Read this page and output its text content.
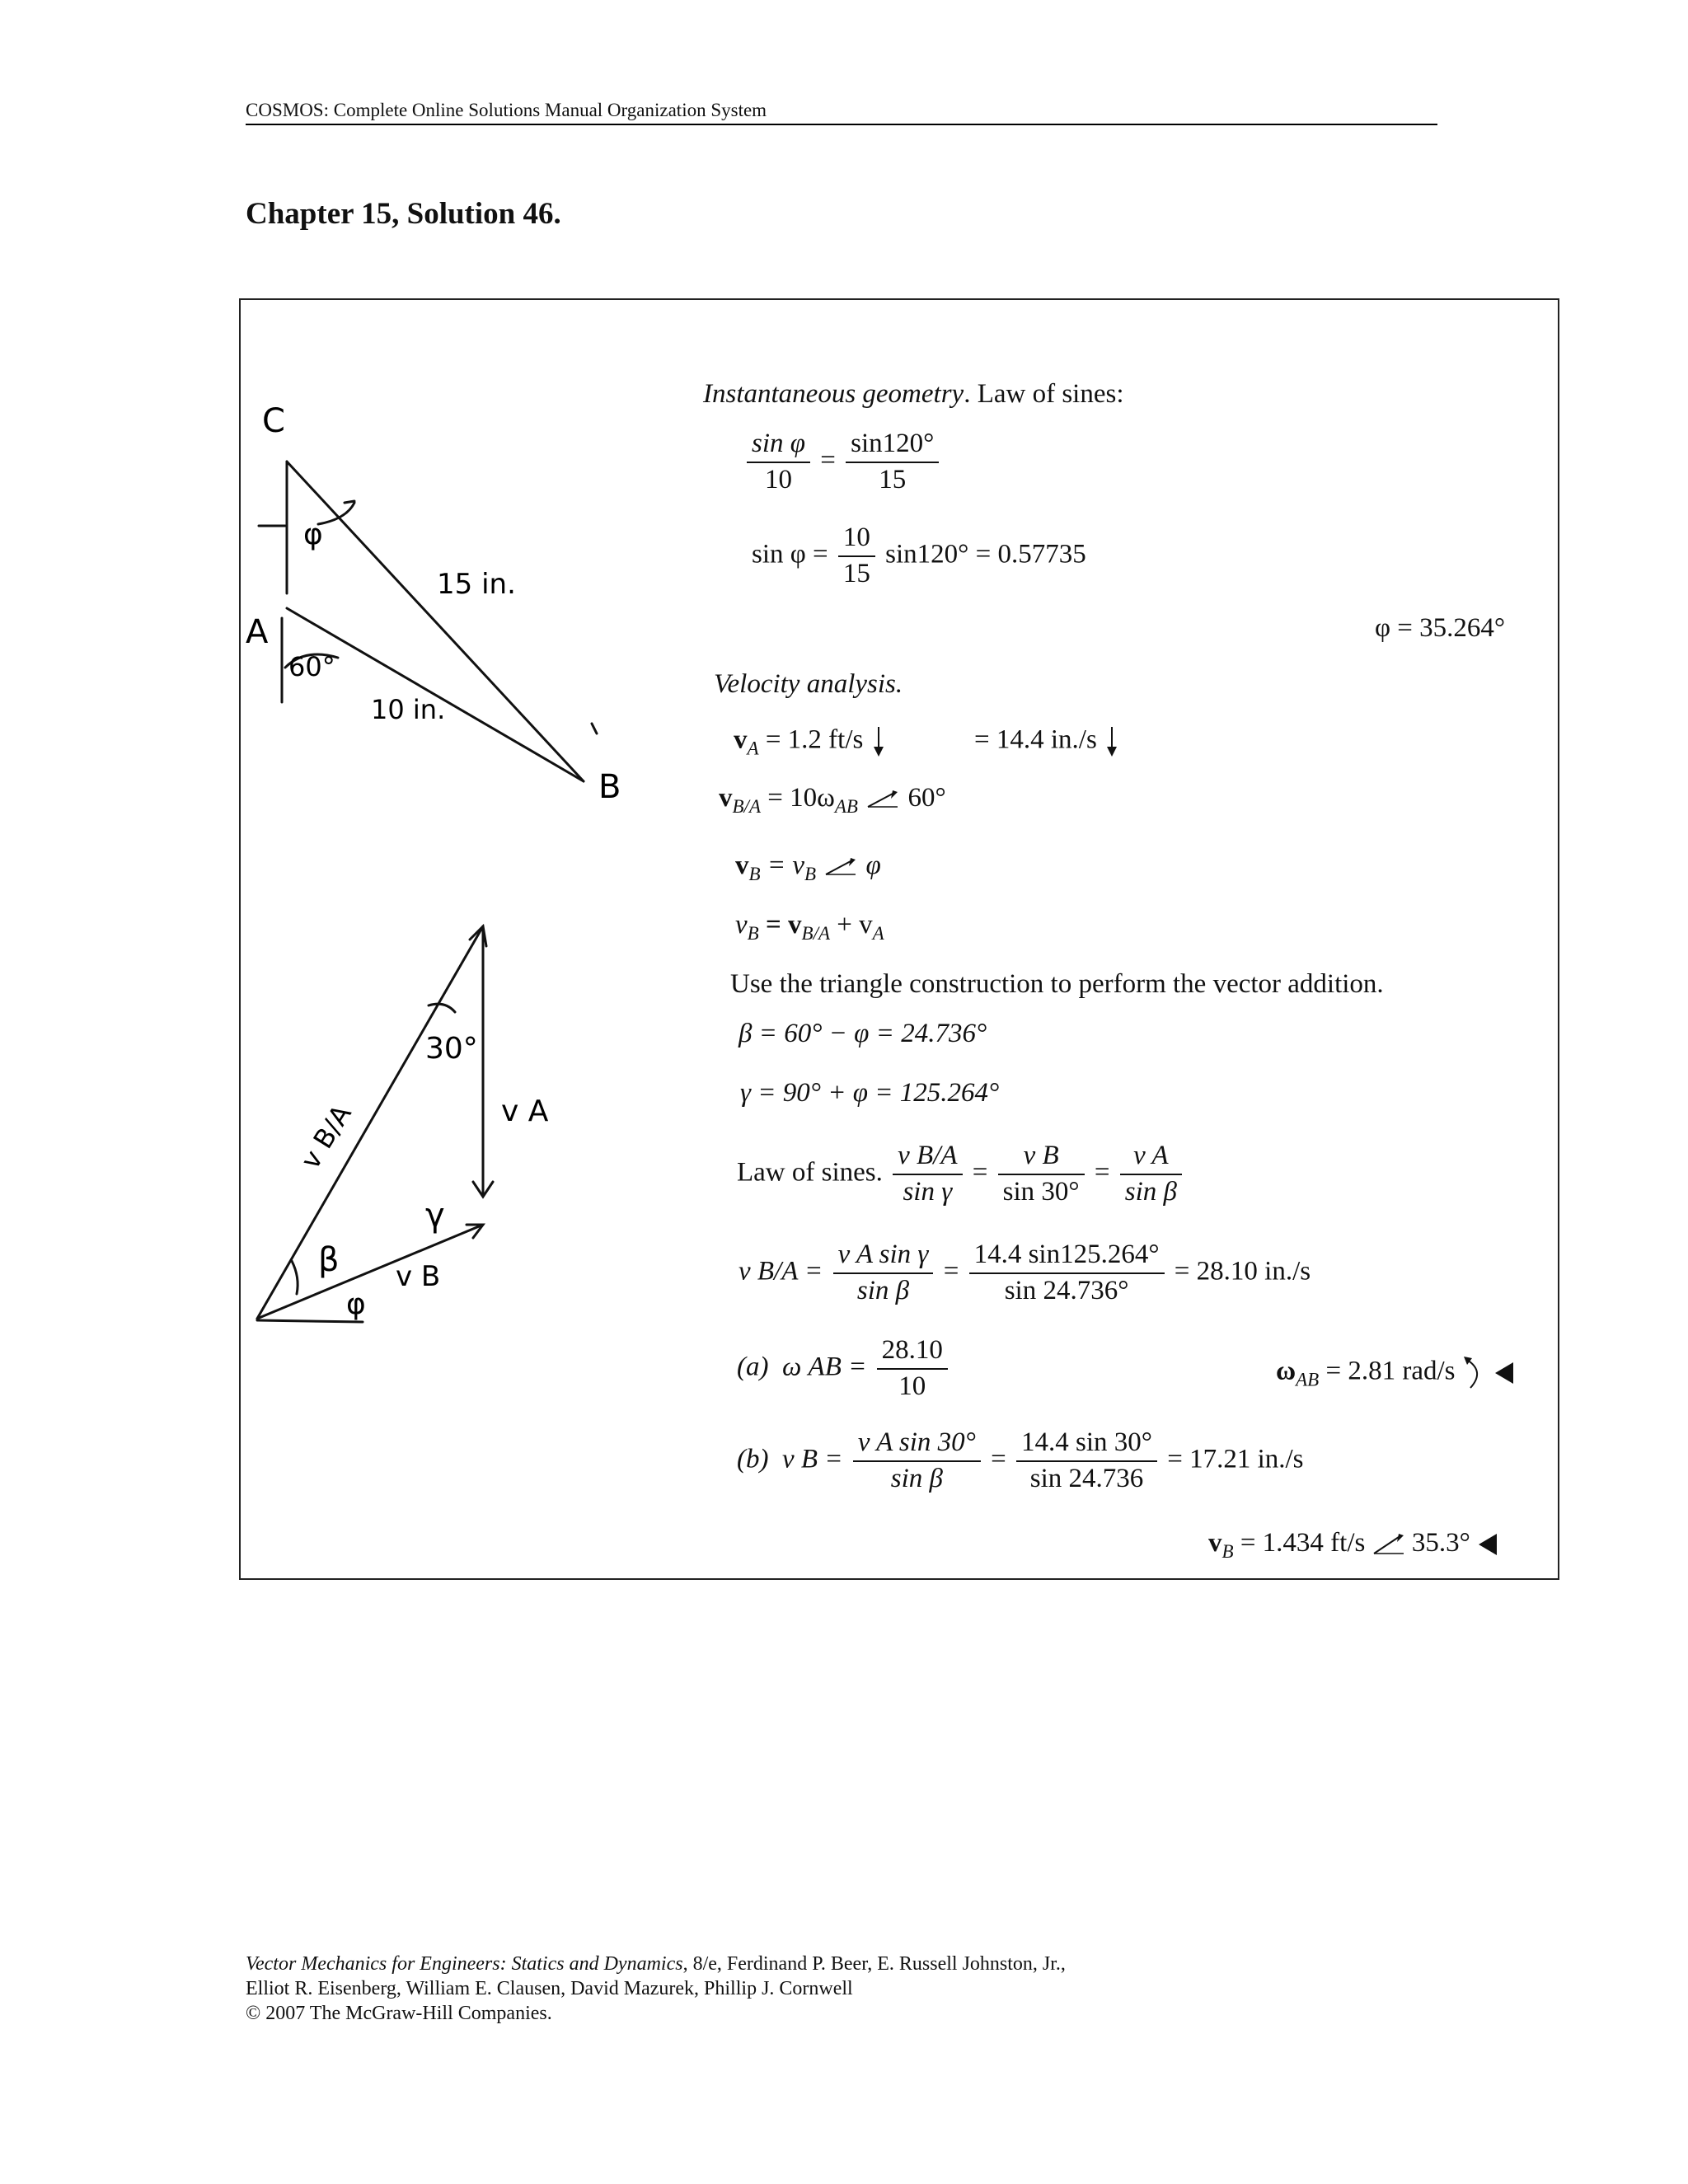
COSMOS: Complete Online Solutions Manual Organization System
Chapter 15, Solution 46.
C
A
B
φ
60°
15 in.
10 in.
30°
v B/A	v A
γ
β
φ
v B
Instantaneous geometry. Law of sines:
$\frac{\text{sin φ}}{10} = \frac{\sin 120^\circ}{15}$
$\sin \varphi = \frac{10}{15} \sin 120^\circ = 0.57735$
φ = 35.264°
Velocity analysis.
$v_A = 1.2$ ft/s	= 14.4 in./s
$v_{B/A} = 10\omega_{AB}$ 60°
$v_B = v_B$ φ
$v_B = v_{B/A} + v_A$
Use the triangle construction to perform the vector addition.
β = 60° − φ = 24.736°
γ = 90° + φ = 125.264°
Law of sines. $\frac{\text{v B/A}}{\text{sin γ}} = \frac{\text{v B}}{\sin 30^\circ} = \frac{\text{v A}}{\text{sin β}}$
v $B/A = \frac{\text{v A sin γ}}{\text{sin β}} = \frac{14.4 \sin 125.264^\circ}{\sin 24.736^\circ} = 28.10$ in./s
(a) ω AB = $\frac{28.10}{10}$	$\omega_{AB} = 2.81$ rad/s
(b) v $B = \frac{\text{v A sin 30°}}{\text{sin β}} = \frac{14.4 \sin 30^\circ}{\sin 24.736} = 17.21$ in./s
$v_B = 1.434$ ft/s 35.3°
Vector Mechanics for Engineers: Statics and Dynamics, 8/e, Ferdinand P. Beer, E. Russell Johnston, Jr.,
Elliot R. Eisenberg, William E. Clausen, David Mazurek, Phillip J. Cornwell
© 2007 The McGraw-Hill Companies.
